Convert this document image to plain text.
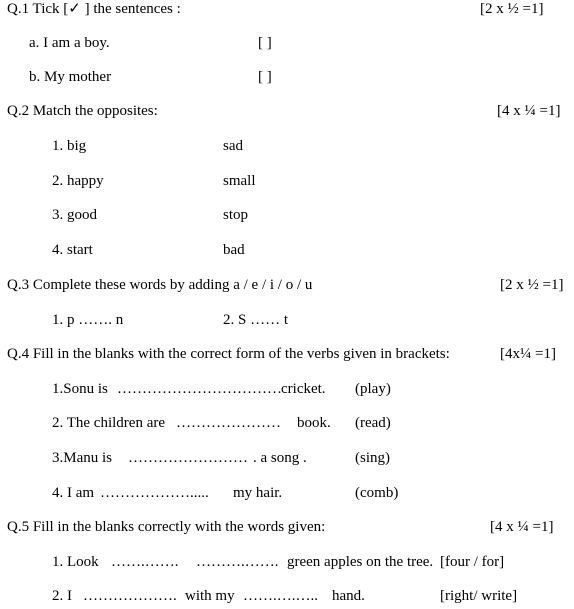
Q.1 Tick [✓ ] the sentences :	[2 x ½ =1]
a. I am a boy.	[ ]
b. My mother	[ ]
Q.2 Match the opposites:	[4 x ¼ =1]
1. big	sad
2. happy	small
3. good	stop
4. start	bad
Q.3 Complete these words by adding a / e / i / o / u	[2 x ½ =1]
1. p ……. n	2. S …… t
Q.4 Fill in the blanks with the correct form of the verbs given in brackets:	[4x¼ =1]
1.Sonu is …………………………… cricket. (play)
2. The children are ………………… book. (read)
3.Manu is …………………… . a song .	(sing)
4. I am ………………..... my hair.	(comb)
Q.5 Fill in the blanks correctly with the words given:	[4 x ¼ =1]
1. Look …….……. ……….……. green apples on the tree. [four / for]
2. I ………………. with my …….….….. hand.	[right/ write]
